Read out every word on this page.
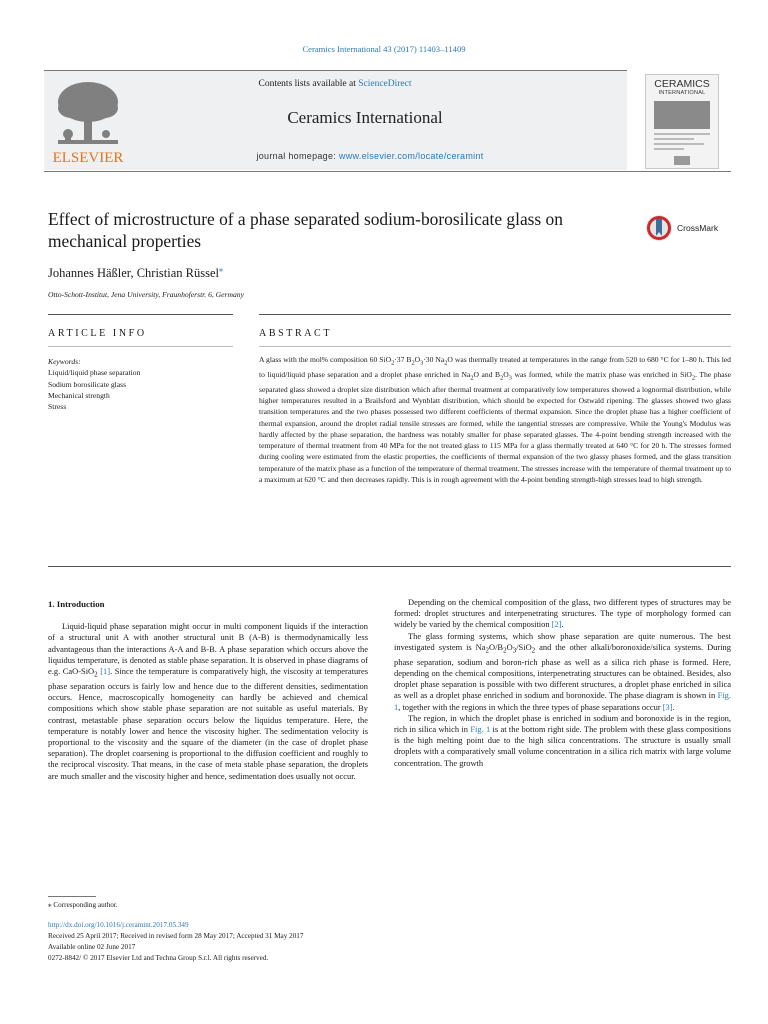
Ceramics International 43 (2017) 11403–11409
ELSEVIER
Contents lists available at ScienceDirect
Ceramics International
journal homepage: www.elsevier.com/locate/ceramint
CERAMICS
INTERNATIONAL
Effect of microstructure of a phase separated sodium-borosilicate glass on mechanical properties
CrossMark
Johannes Häßler, Christian Rüssel⁎
Otto-Schott-Institut, Jena University, Fraunhoferstr. 6, Germany
ARTICLE INFO	ABSTRACT
Keywords:
Liquid/liquid phase separation
Sodium borosilicate glass
Mechanical strength
Stress
A glass with the mol% composition 60 SiO$_2$·37 $B_2O_3\cdot 30$ $Na_2O$ was thermally treated at temperatures in the range from 520 to 680 °C for 1–80 h. This led to liquid/liquid phase separation and a droplet phase enriched in $Na_2O$ and $B_2O_3$ was formed, while the matrix phase was enriched in SiO$_2$. The phase separated glass showed a droplet size distribution which after thermal treatment at comparatively low temperatures showed a lognormal distribution, while higher temperatures resulted in a Brailsford and Wynblatt distribution, which should be expected for Ostwald ripening. The glasses showed two glass transition temperatures and the two phases possessed two different coefficients of thermal expansion. Since the droplet phase has a higher coefficient of thermal expansion, around the droplet radial tensile stresses are formed, while the tangential stresses are compressive. While the Young's Modulus was hardly affected by the phase separation, the hardness was notably smaller for phase separated glasses. The 4-point bending strength increased with the temperature of thermal treatment from 40 MPa for the not treated glass to 115 MPa for a glass thermally treated at 640 °C for 20 h. The stresses formed during cooling were estimated from the elastic properties, the coefficients of thermal expansion of the two glassy phases formed, and the glass transition temperature of the matrix phase as a function of the temperature of thermal treatment. The stresses increase with the temperature of thermal treatment up to a maximum at 620 °C and then decreases rapidly. This is in rough agreement with the 4-point bending strength-high stresses lead to high strength.
1. Introduction

Liquid-liquid phase separation might occur in multi component liquids if the interaction of a structural unit A with another structural unit B (A-B) is thermodynamically less advantageous than the interactions A-A and B-B. A phase separation which occurs above the liquidus temperature, is denoted as stable phase separation. It is observed in phase diagrams of e.g. CaO-SiO$_2$ [1]. Since the temperature is comparatively high, the viscosity at temperatures phase separation occurs is fairly low and hence due to the different densities, sedimentation occurs. Hence, macroscopically homogeneity can hardly be achieved and chemical compositions which show stable phase separation are not suitable as useful materials. By contrast, metastable phase separation occurs below the liquidus temperature. Here, the temperature is notably lower and hence the viscosity higher. The sedimentation velocity is proportional to the viscosity and the square of the diameter (in the case of droplet phase separation). The droplet coarsening is proportional to the diffusion coefficient and roughly to the reciprocal viscosity. That means, in the case of meta stable phase separation, the droplets are much smaller and the viscosity higher and hence, sedimentation does usually not occur.

Depending on the chemical composition of the glass, two different types of structures may be formed: droplet structures and interpenetrating structures. The type of morphology formed can widely be varied by the chemical composition [2].

The glass forming systems, which show phase separation are quite numerous. The best investigated system is $Na_2O/B_2O_3/SiO_2$ and the other alkali/boronoxide/silica systems. During phase separation, sodium and boron-rich phase as well as a silica rich phase is formed. Here, depending on the chemical compositions, interpenetrating structures can be obtained. Besides, also droplet phase separation is possible with two different structures, a droplet phase enriched in silica as well as a droplet phase enriched in sodium and boronoxide. The phase diagram is shown in Fig. 1, together with the regions in which the three types of phase separations occur [3].

The region, in which the droplet phase is enriched in sodium and boronoxide is in the region, rich in silica which in Fig. 1 is at the bottom right side. The problem with these glass compositions is the high melting point due to the high silica concentrations. The structure is usually small droplets with a comparatively small volume concentration in a silica rich matrix with large volume concentration. The growth

⁎ Corresponding author.
http://dx.doi.org/10.1016/j.ceramint.2017.05.349
Received 25 April 2017; Received in revised form 28 May 2017; Accepted 31 May 2017
Available online 02 June 2017
0272-8842/ © 2017 Elsevier Ltd and Techna Group S.r.l. All rights reserved.
